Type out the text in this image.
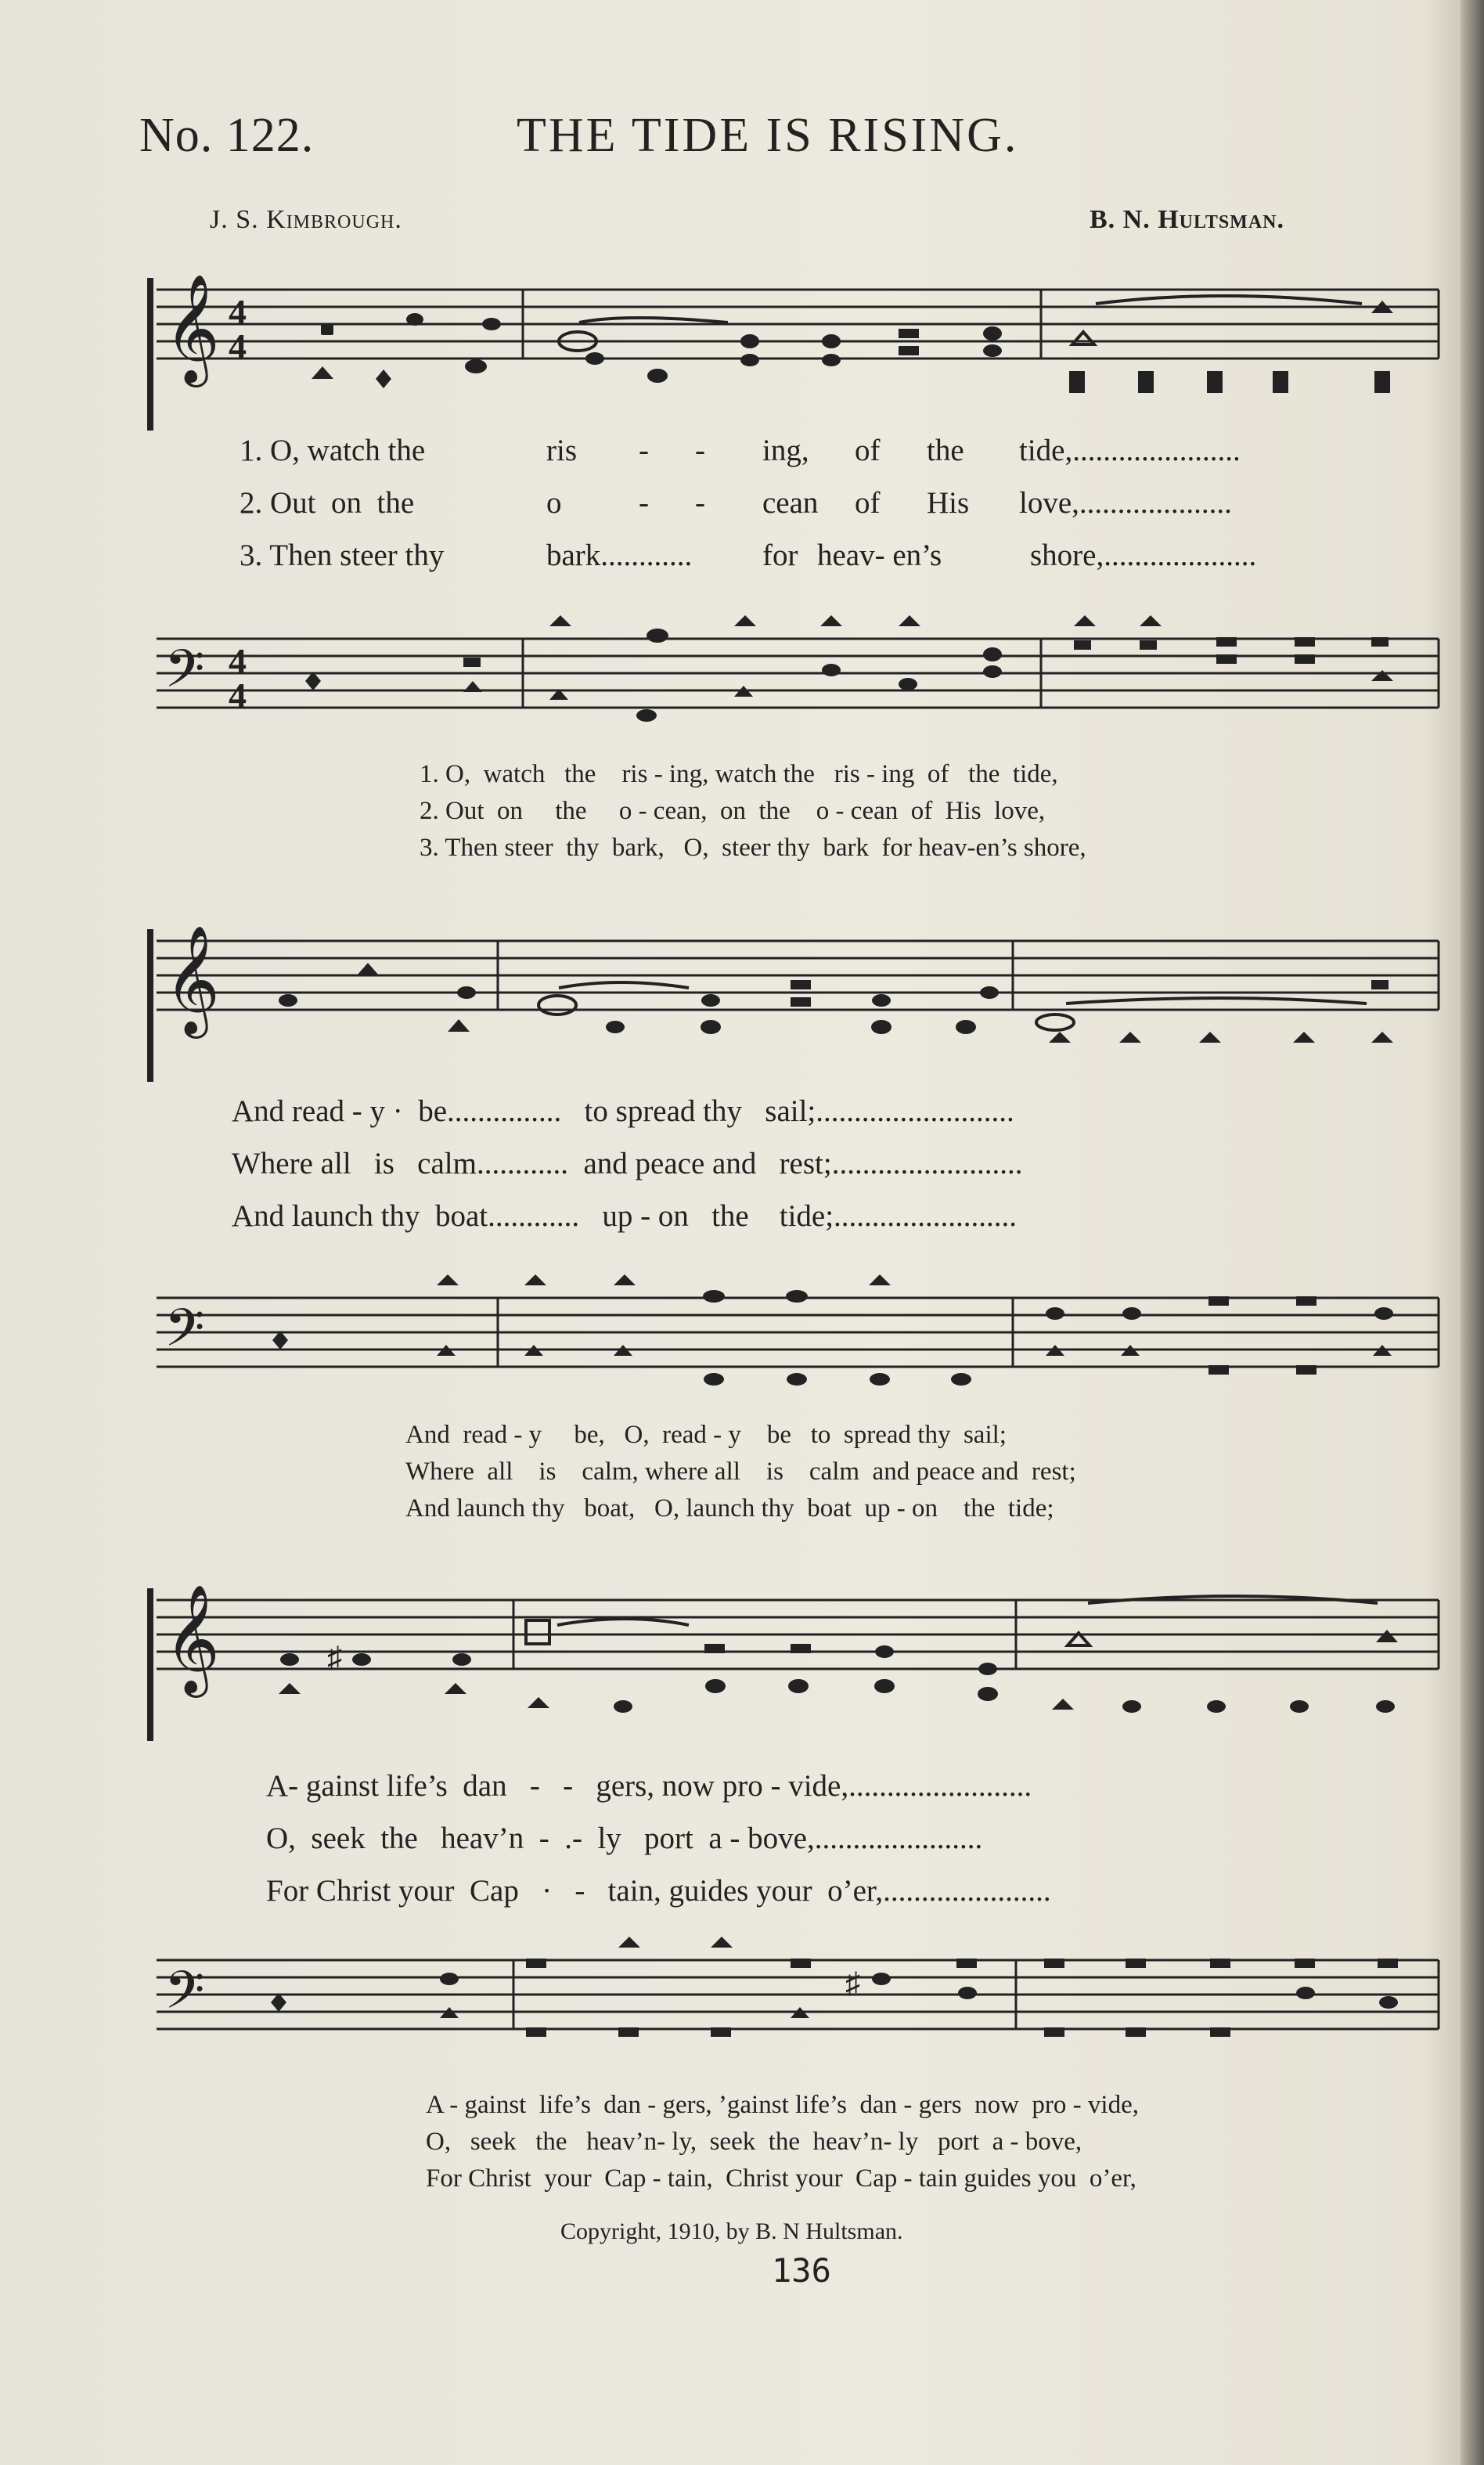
No. 122.	THE TIDE IS RISING.
J. S. Kimbrough.	B. N. Hultsman.
𝄞 4
4
1. O, watch the	ris	-	-	ing,	of	the	tide,......................
2. Out  on  the	o	-	-	cean	of	His	love,....................
3. Then steer thy	bark............	for heav- en’s	shore,....................
𝄢 4
4
1. O,  watch   the    ris - ing, watch the   ris - ing  of   the  tide,
2. Out  on     the     o - cean,  on  the    o - cean  of  His  love,
3. Then steer  thy  bark,   O,  steer thy  bark  for heav-en’s shore,
𝄞
And read - y ·  be...............   to spread thy   sail;..........................
Where all   is   calm............  and peace and   rest;.........................
And launch thy  boat............   up - on   the    tide;........................
𝄢
And  read - y     be,   O,  read - y    be   to  spread thy  sail;
Where  all    is    calm, where all    is    calm  and peace and  rest;
And launch thy   boat,   O, launch thy  boat  up - on    the  tide;
𝄞	♯
A- gainst life’s  dan   -   -   gers, now pro - vide,........................
O,  seek  the   heav’n  -  .-  ly   port  a - bove,......................
For Christ your  Cap   ·   -   tain, guides your  o’er,......................
𝄢	♯
A - gainst  life’s  dan - gers, ’gainst life’s  dan - gers  now  pro - vide,
O,   seek   the   heav’n- ly,  seek  the  heav’n- ly   port  a - bove,
For Christ  your  Cap - tain,  Christ your  Cap - tain guides you  o’er,
Copyright, 1910, by B. N Hultsman.
136
